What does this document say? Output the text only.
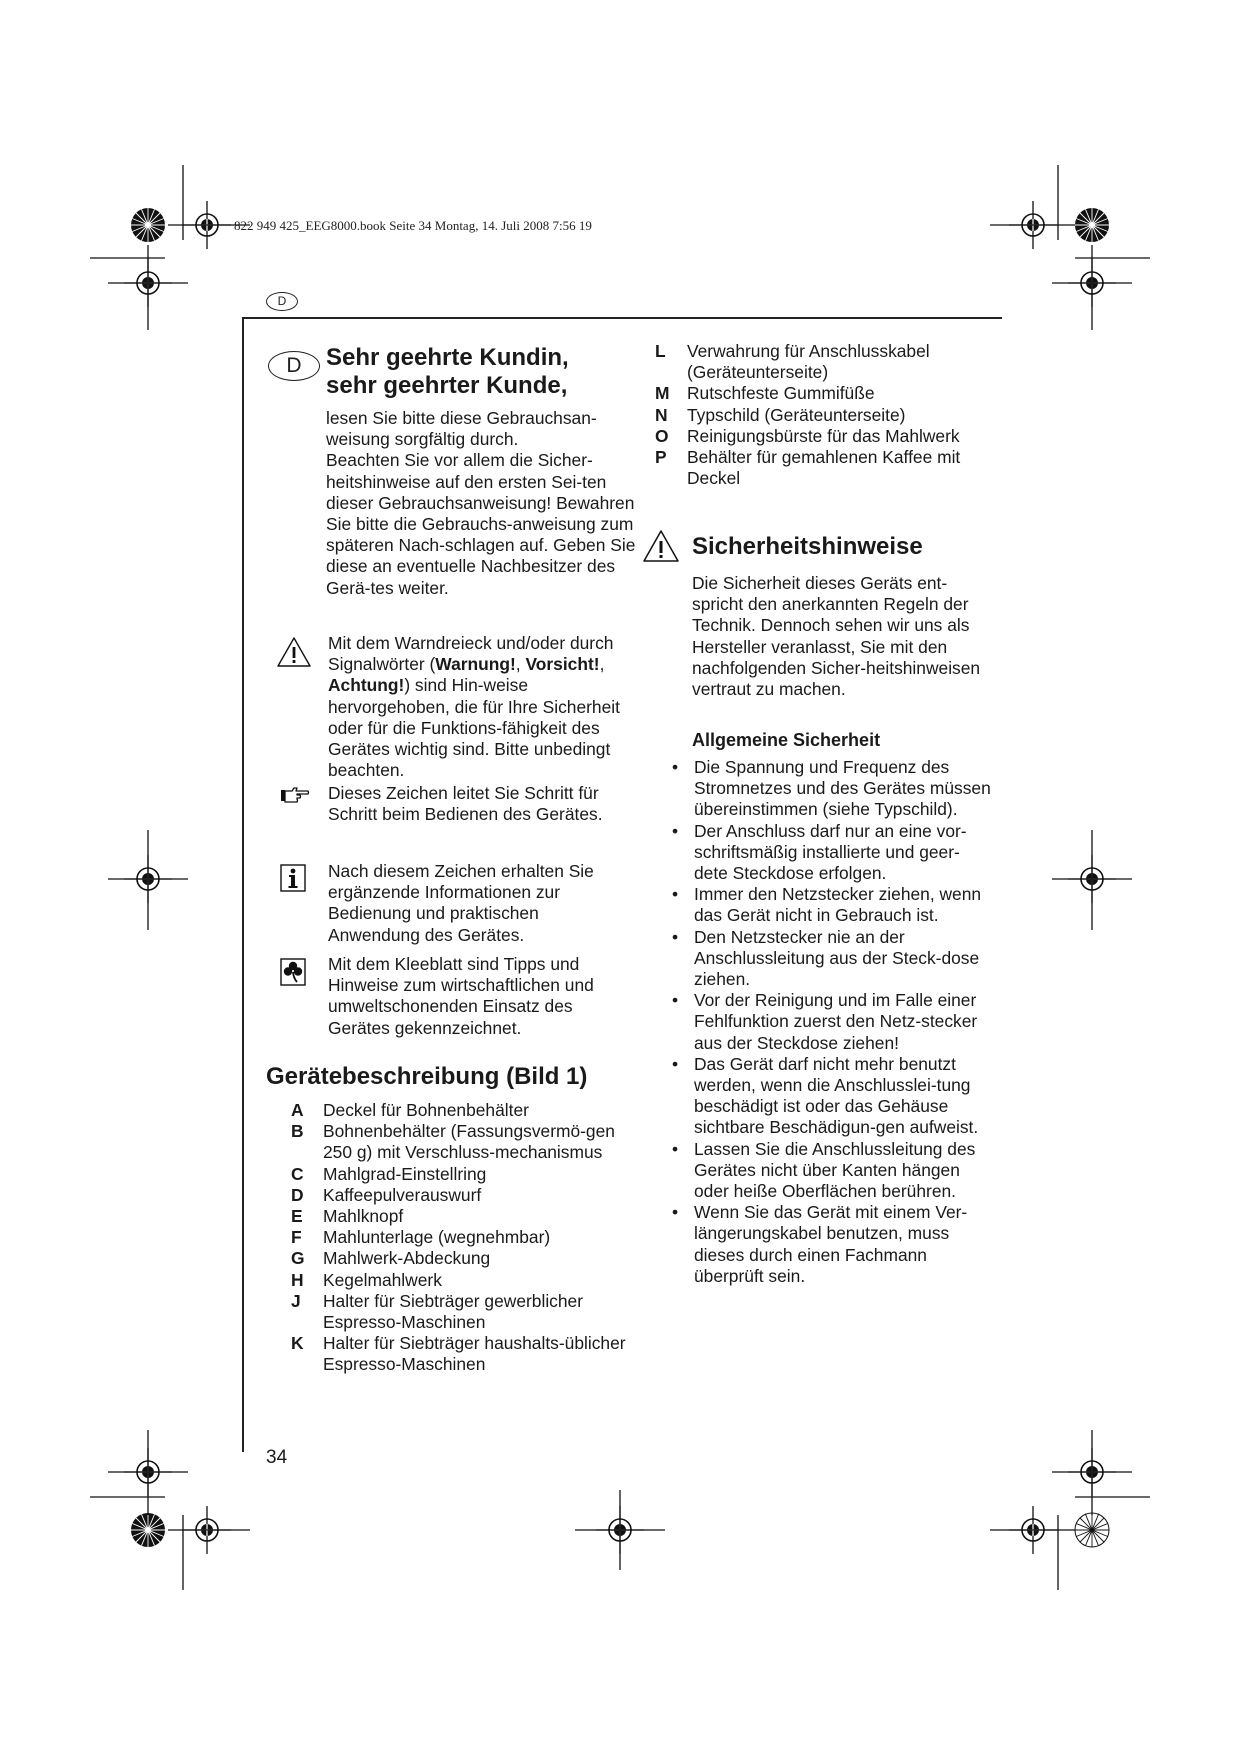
822 949 425_EEG8000.book Seite 34 Montag, 14. Juli 2008 7:56 19
D
D	Sehr geehrte Kundin,
sehr geehrter Kunde,

lesen Sie bitte diese Gebrauchsan-weisung sorgfältig durch.

Beachten Sie vor allem die Sicher-heitshinweise auf den ersten Sei-ten dieser Gebrauchsanweisung! Bewahren Sie bitte die Gebrauchs-anweisung zum späteren Nach-schlagen auf. Geben Sie diese an eventuelle Nachbesitzer des Gerä-tes weiter.

Mit dem Warndreieck und/oder durch Signalwörter (Warnung!, Vorsicht!, Achtung!) sind Hin-weise hervorgehoben, die für Ihre Sicherheit oder für die Funktions-fähigkeit des Gerätes wichtig sind. Bitte unbedingt beachten.
Dieses Zeichen leitet Sie Schritt für Schritt beim Bedienen des Gerätes.
Nach diesem Zeichen erhalten Sie ergänzende Informationen zur Bedienung und praktischen Anwendung des Gerätes.
Mit dem Kleeblatt sind Tipps und Hinweise zum wirtschaftlichen und umweltschonenden Einsatz des Gerätes gekennzeichnet.
Gerätebeschreibung (Bild 1)
A	Deckel für Bohnenbehälter
B	Bohnenbehälter (Fassungsvermö-gen 250 g) mit Verschluss-mechanismus
C	Mahlgrad-Einstellring
D	Kaffeepulverauswurf
E	Mahlknopf
F	Mahlunterlage (wegnehmbar)
G	Mahlwerk-Abdeckung
H	Kegelmahlwerk
J	Halter für Siebträger gewerblicher Espresso-Maschinen
K	Halter für Siebträger haushalts-üblicher Espresso-Maschinen
L	Verwahrung für Anschlusskabel (Geräteunterseite)
M	Rutschfeste Gummifüße
N	Typschild (Geräteunterseite)
O	Reinigungsbürste für das Mahlwerk
P	Behälter für gemahlenen Kaffee mit Deckel
Sicherheitshinweise
Die Sicherheit dieses Geräts ent-spricht den anerkannten Regeln der Technik. Dennoch sehen wir uns als Hersteller veranlasst, Sie mit den nachfolgenden Sicher-heitshinweisen vertraut zu machen.
Allgemeine Sicherheit
• Die Spannung und Frequenz des Stromnetzes und des Gerätes müssen übereinstimmen (siehe Typschild).
• Der Anschluss darf nur an eine vor-schriftsmäßig installierte und geer-dete Steckdose erfolgen.
• Immer den Netzstecker ziehen, wenn das Gerät nicht in Gebrauch ist.
• Den Netzstecker nie an der Anschlussleitung aus der Steck-dose ziehen.
• Vor der Reinigung und im Falle einer Fehlfunktion zuerst den Netz-stecker aus der Steckdose ziehen!
• Das Gerät darf nicht mehr benutzt werden, wenn die Anschlusslei-tung beschädigt ist oder das Gehäuse sichtbare Beschädigun-gen aufweist.
• Lassen Sie die Anschlussleitung des Gerätes nicht über Kanten hängen oder heiße Oberflächen berühren.
• Wenn Sie das Gerät mit einem Ver-längerungskabel benutzen, muss dieses durch einen Fachmann überprüft sein.
34
